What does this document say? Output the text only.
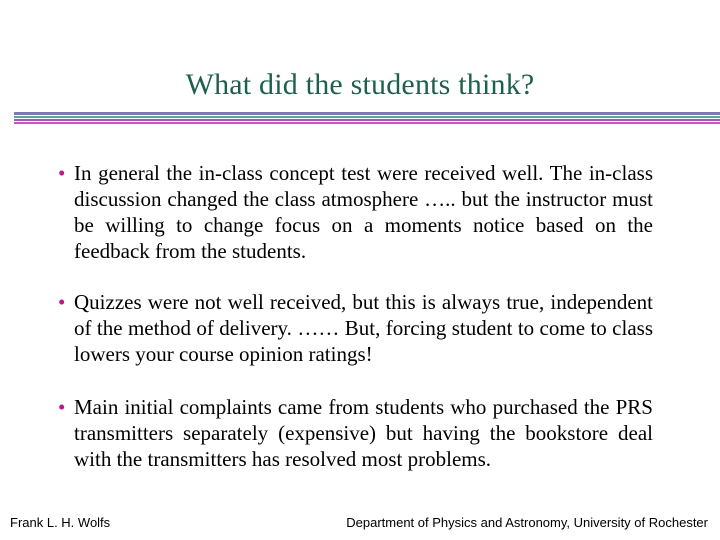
What did the students think?
• In general the in-class concept test were received well. The in-class discussion changed the class atmosphere ….. but the instructor must be willing to change focus on a moments notice based on the feedback from the students.
• Quizzes were not well received, but this is always true, independent of the method of delivery. …… But, forcing student to come to class lowers your course opinion ratings!
• Main initial complaints came from students who purchased the PRS transmitters separately (expensive) but having the bookstore deal with the transmitters has resolved most problems.
Frank L. H. Wolfs	Department of Physics and Astronomy, University of Rochester
